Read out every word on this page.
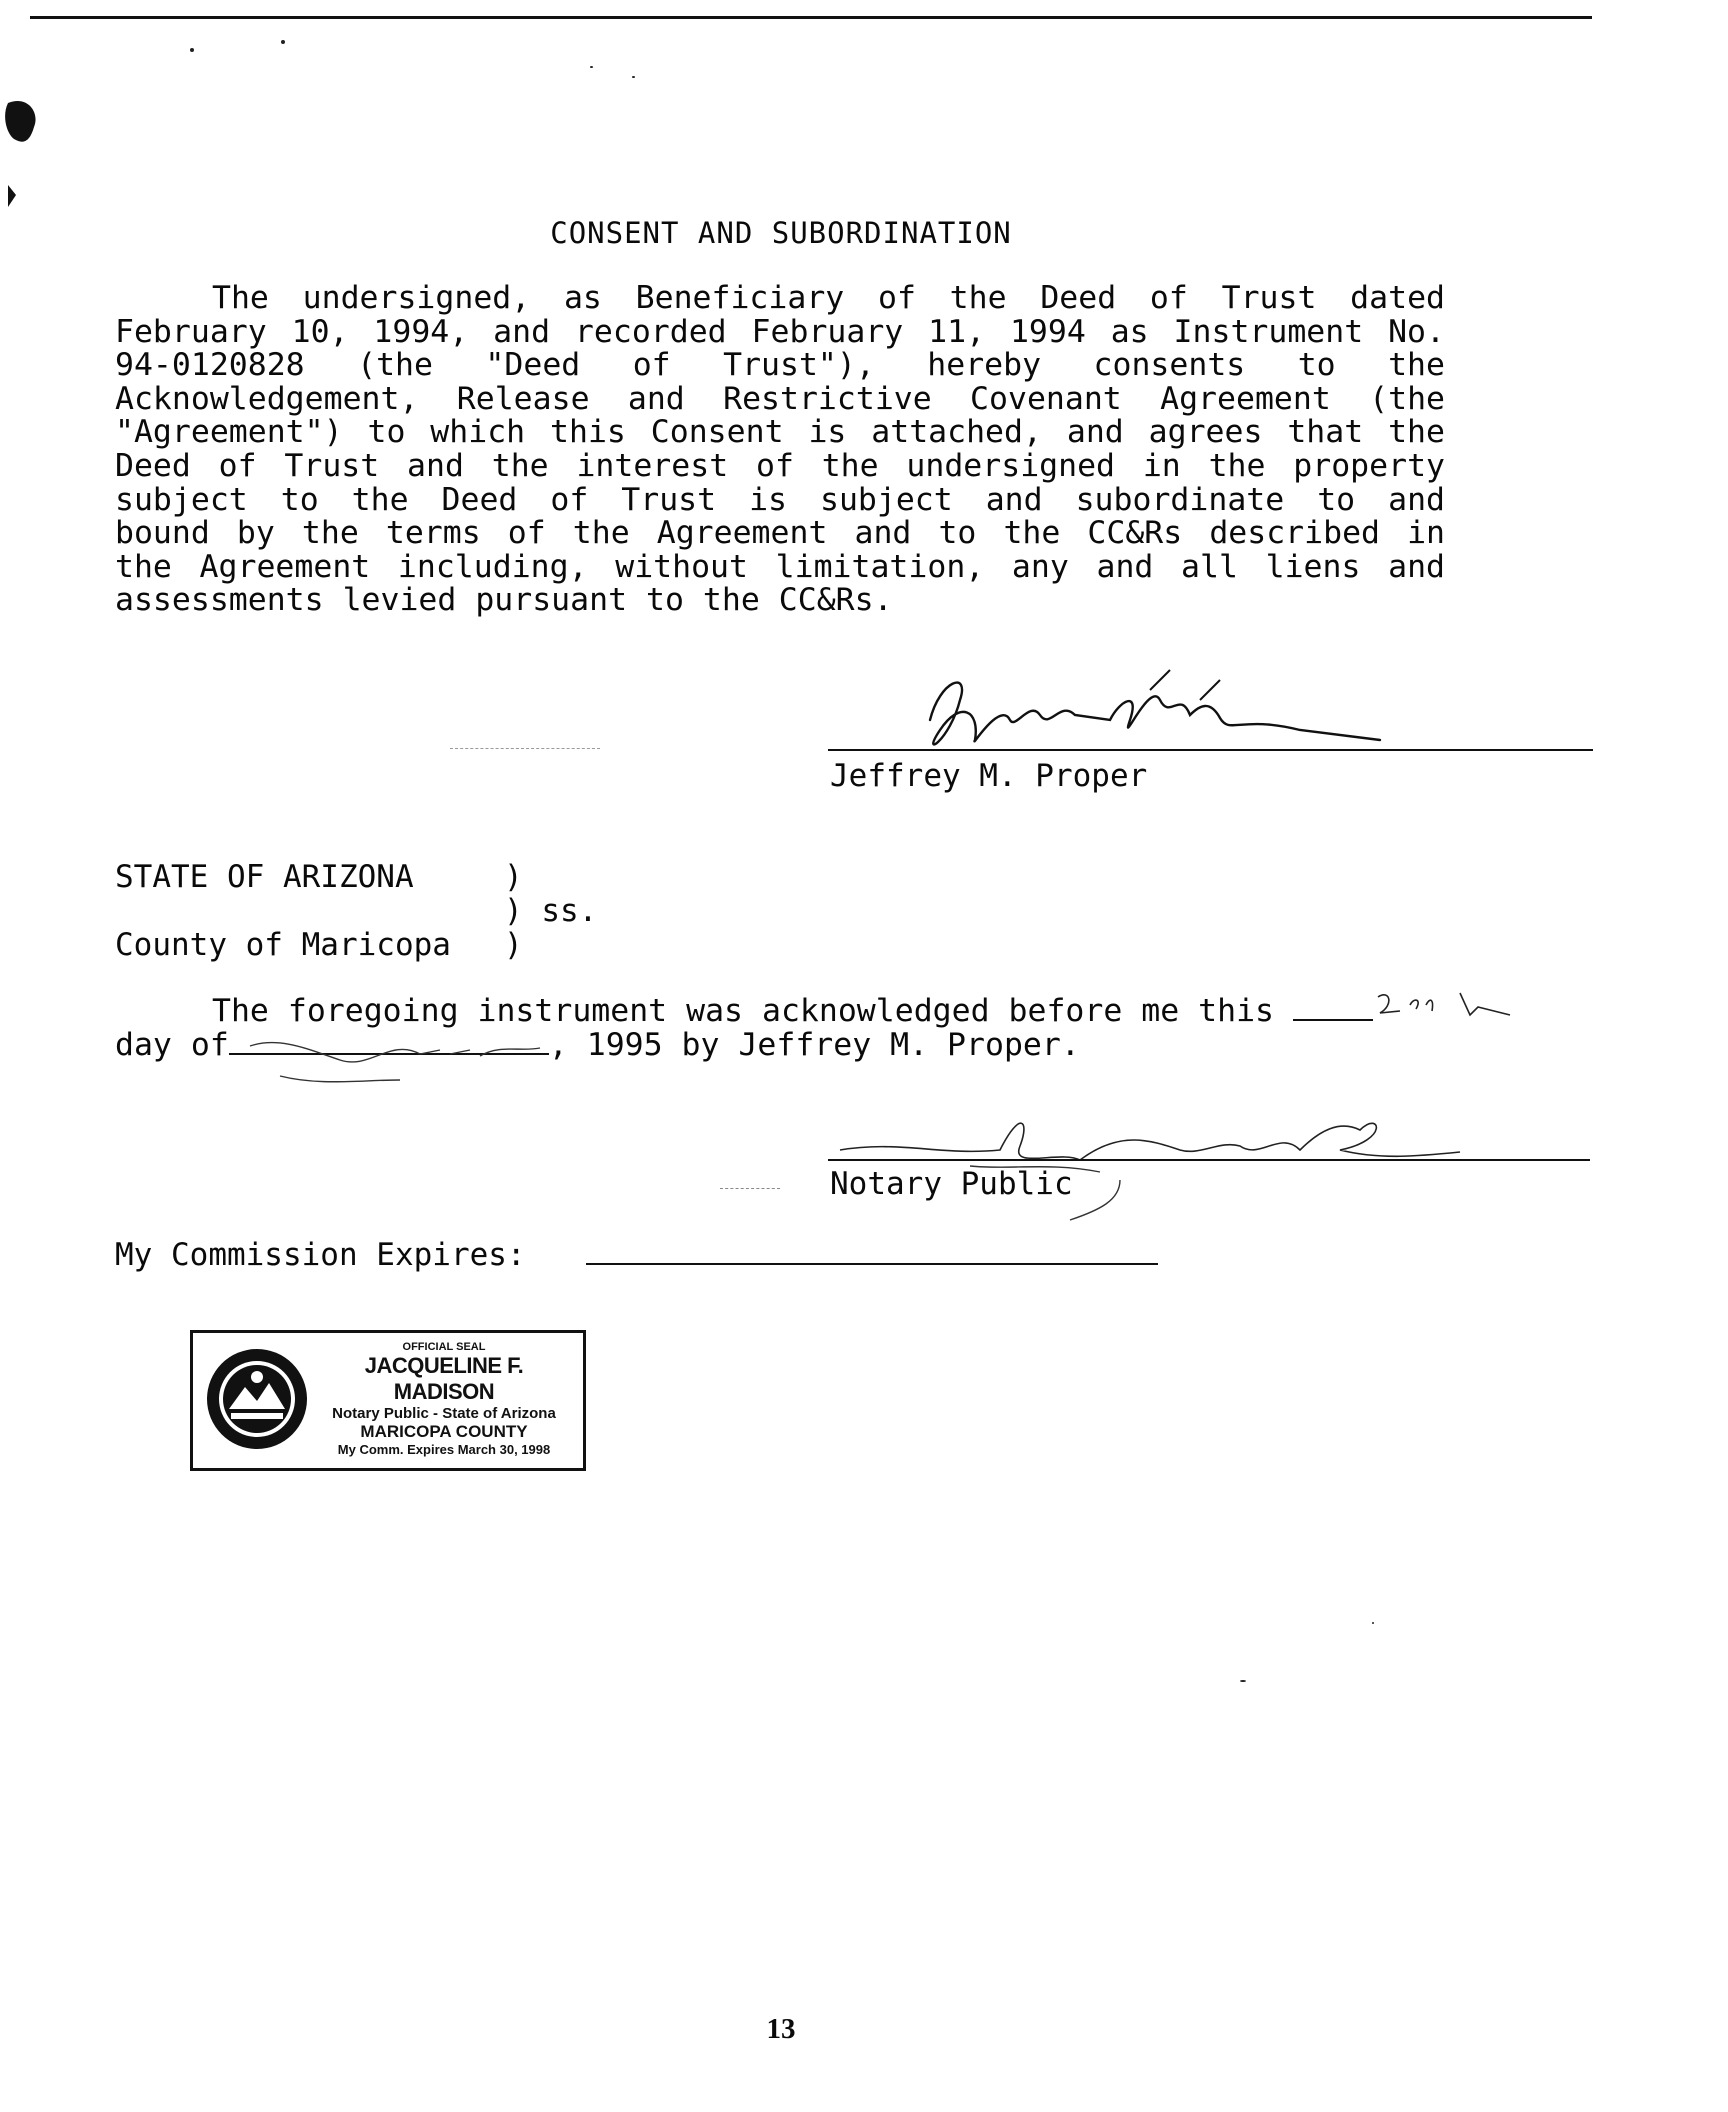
CONSENT AND SUBORDINATION
The undersigned, as Beneficiary of the Deed of Trust dated
February 10, 1994, and recorded February 11, 1994 as Instrument No.
94-0120828 (the "Deed of Trust"), hereby consents to the
Acknowledgement, Release and Restrictive Covenant Agreement (the
"Agreement") to which this Consent is attached, and agrees that the
Deed of Trust and the interest of the undersigned in the property
subject to the Deed of Trust is subject and subordinate to and
bound by the terms of the Agreement and to the CC&Rs described in
the Agreement including, without limitation, any and all liens and
assessments levied pursuant to the CC&Rs.
Jeffrey M. Proper
STATE OF ARIZONA	)
) ss.
County of Maricopa )
The foregoing instrument was acknowledged before me this
day of	, 1995 by Jeffrey M. Proper.
Notary Public
My Commission Expires:
OFFICIAL SEAL
JACQUELINE F. MADISON
Notary Public - State of Arizona
MARICOPA COUNTY
My Comm. Expires March 30, 1998
13
